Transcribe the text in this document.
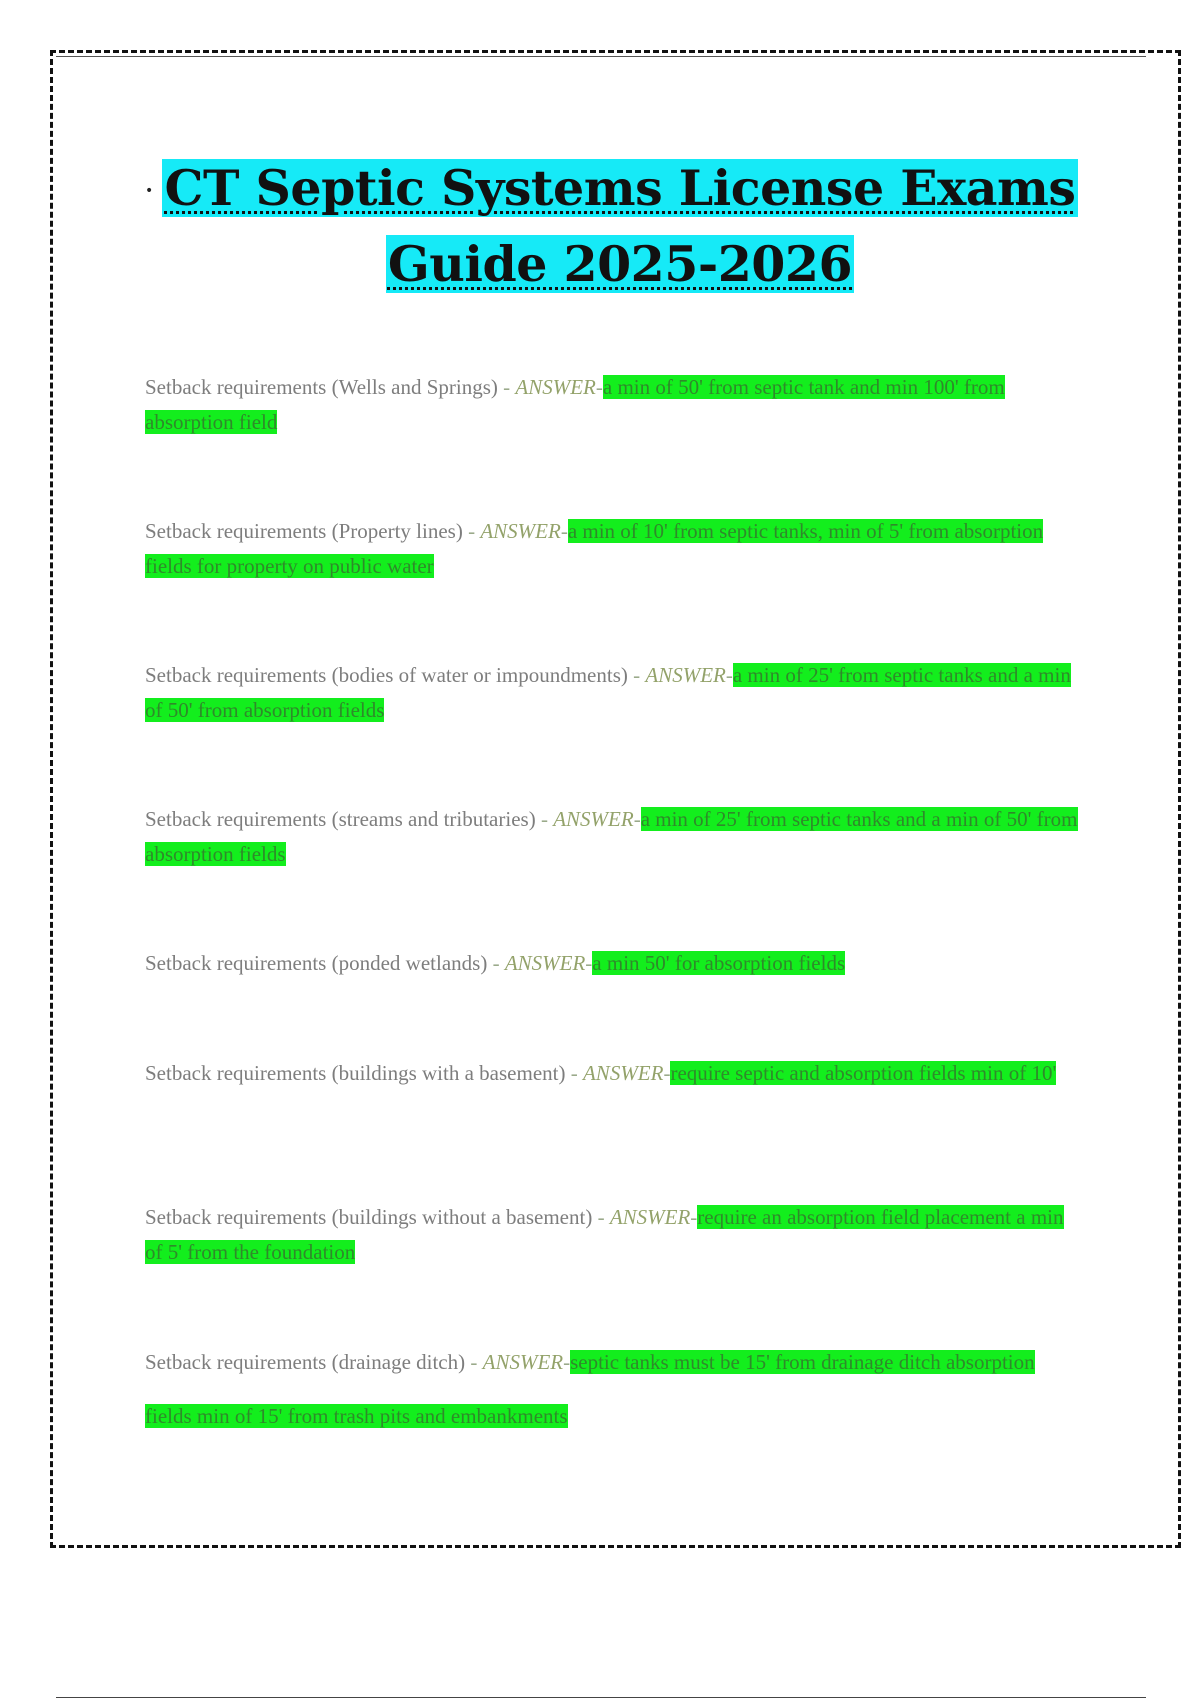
• CT Septic Systems License Exams
Guide 2025-2026
Setback requirements (Wells and Springs) - ANSWER-a min of 50' from septic tank and min 100' from absorption field
Setback requirements (Property lines) - ANSWER-a min of 10' from septic tanks, min of 5' from absorption fields for property on public water
Setback requirements (bodies of water or impoundments) - ANSWER-a min of 25' from septic tanks and a min of 50' from absorption fields
Setback requirements (streams and tributaries) - ANSWER-a min of 25' from septic tanks and a min of 50' from absorption fields
Setback requirements (ponded wetlands) - ANSWER-a min 50' for absorption fields
Setback requirements (buildings with a basement) - ANSWER-require septic and absorption fields min of 10'
Setback requirements (buildings without a basement) - ANSWER-require an absorption field placement a min of 5' from the foundation
Setback requirements (drainage ditch) - ANSWER-septic tanks must be 15' from drainage ditch absorption fields min of 15' from trash pits and embankments
